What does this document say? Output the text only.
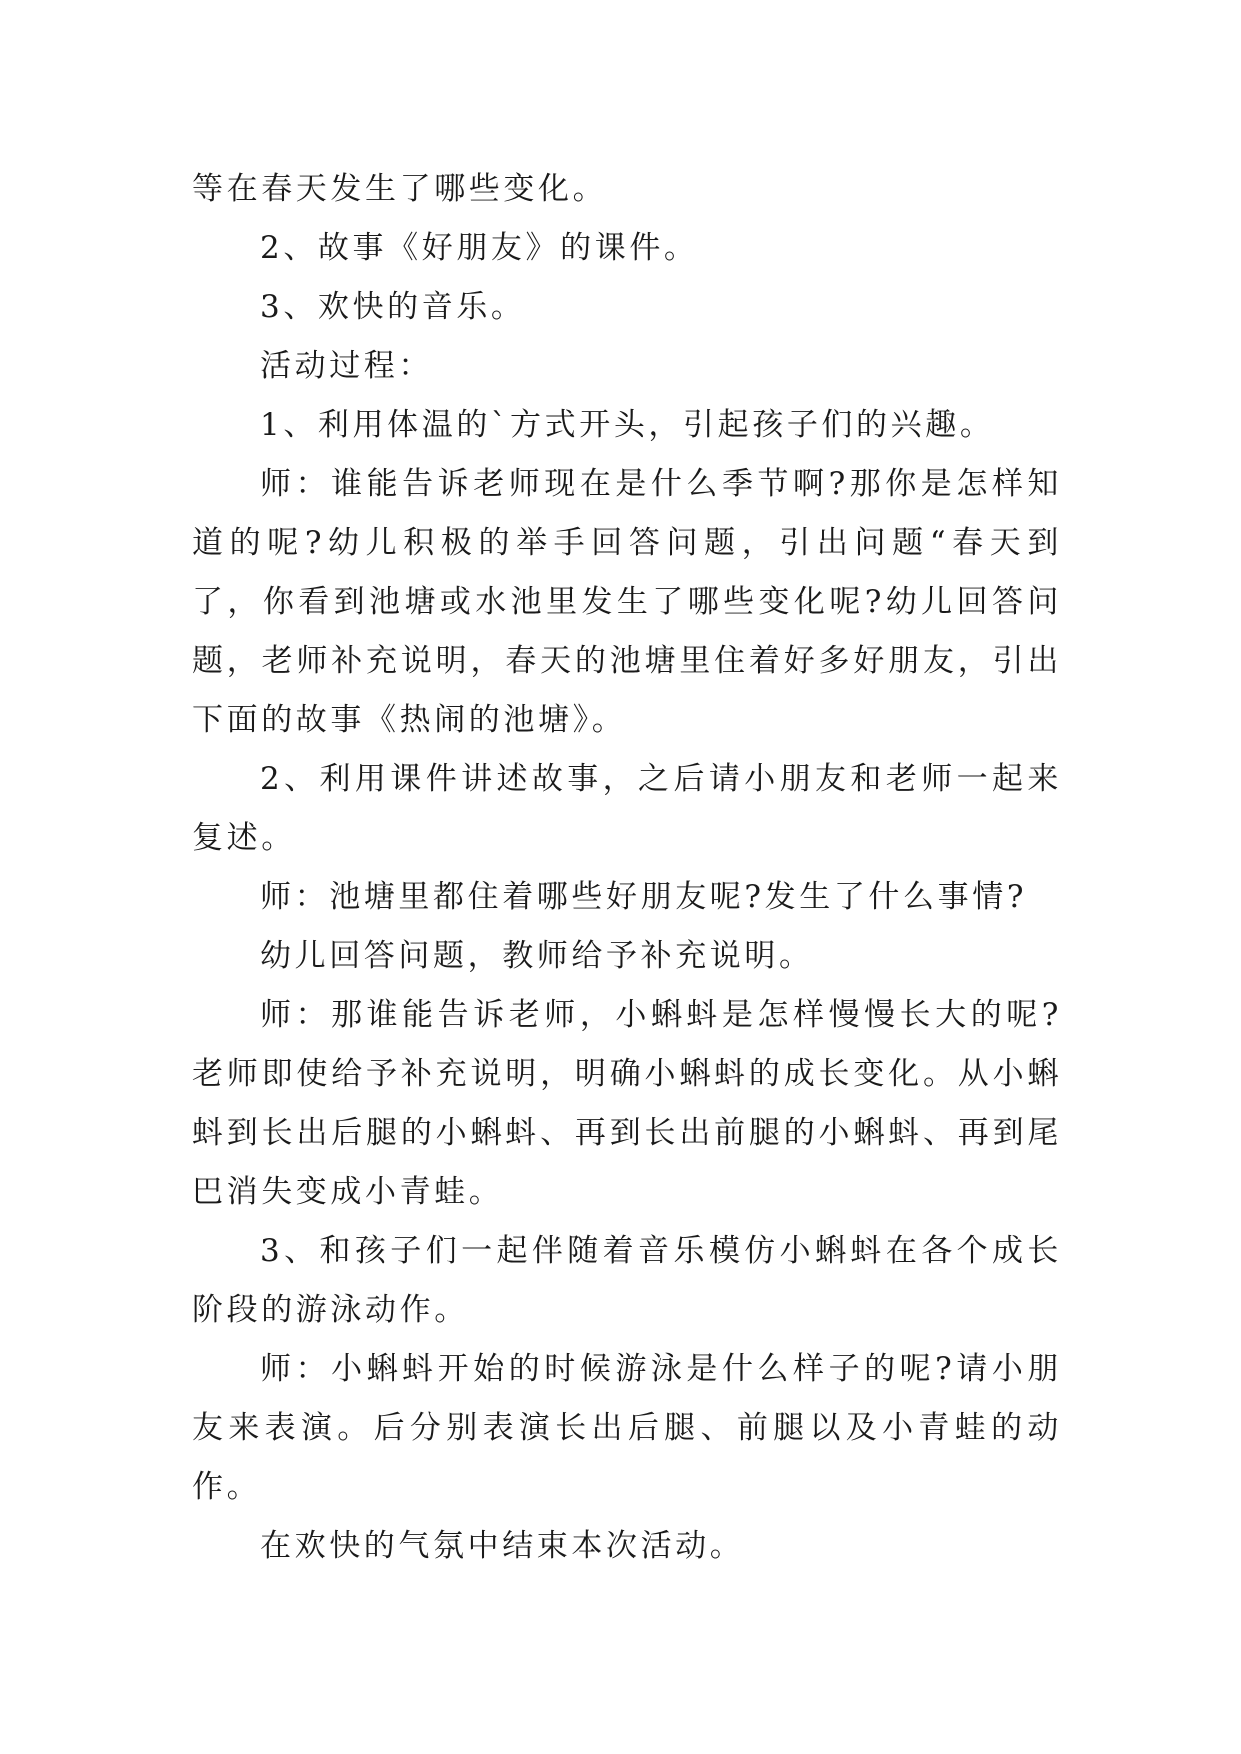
等在春天发生了哪些变化。

2、故事《好朋友》的课件。

3、欢快的音乐。

活动过程：

1、利用体温的`方式开头，引起孩子们的兴趣。

师：谁能告诉老师现在是什么季节啊?那你是怎样知道的呢?幼儿积极的举手回答问题，引出问题“春天到了，你看到池塘或水池里发生了哪些变化呢?幼儿回答问题，老师补充说明，春天的池塘里住着好多好朋友，引出下面的故事《热闹的池塘》。

2、利用课件讲述故事，之后请小朋友和老师一起来复述。

师：池塘里都住着哪些好朋友呢?发生了什么事情?

幼儿回答问题，教师给予补充说明。

师：那谁能告诉老师，小蝌蚪是怎样慢慢长大的呢?老师即使给予补充说明，明确小蝌蚪的成长变化。从小蝌蚪到长出后腿的小蝌蚪、再到长出前腿的小蝌蚪、再到尾巴消失变成小青蛙。

3、和孩子们一起伴随着音乐模仿小蝌蚪在各个成长阶段的游泳动作。

师：小蝌蚪开始的时候游泳是什么样子的呢?请小朋友来表演。后分别表演长出后腿、前腿以及小青蛙的动作。

在欢快的气氛中结束本次活动。
